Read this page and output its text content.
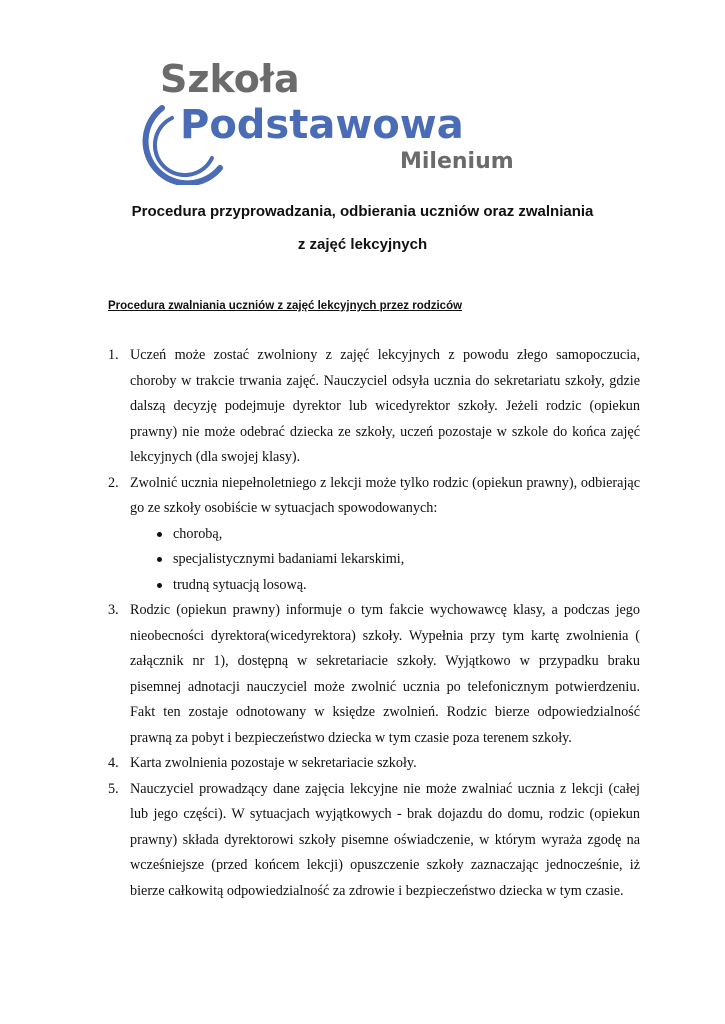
Szkoła
Podstawowa
Milenium
Procedura przyprowadzania, odbierania uczniów oraz zwalniania
z zajęć lekcyjnych
Procedura zwalniania uczniów z zajęć lekcyjnych przez rodziców
1. Uczeń może zostać zwolniony z zajęć lekcyjnych z powodu złego samopoczucia, choroby w trakcie trwania zajęć. Nauczyciel odsyła ucznia do sekretariatu szkoły, gdzie dalszą decyzję podejmuje dyrektor lub wicedyrektor szkoły. Jeżeli rodzic (opiekun prawny) nie może odebrać dziecka ze szkoły, uczeń pozostaje w szkole do końca zajęć lekcyjnych (dla swojej klasy).
2. Zwolnić ucznia niepełnoletniego z lekcji może tylko rodzic (opiekun prawny), odbierając go ze szkoły osobiście w sytuacjach spowodowanych:
chorobą,
specjalistycznymi badaniami lekarskimi,
trudną sytuacją losową.
3. Rodzic (opiekun prawny) informuje o tym fakcie wychowawcę klasy, a podczas jego nieobecności dyrektora(wicedyrektora) szkoły. Wypełnia przy tym kartę zwolnienia ( załącznik nr 1), dostępną w sekretariacie szkoły. Wyjątkowo w przypadku braku pisemnej adnotacji nauczyciel może zwolnić ucznia po telefonicznym potwierdzeniu. Fakt ten zostaje odnotowany w księdze zwolnień. Rodzic bierze odpowiedzialność prawną za pobyt i bezpieczeństwo dziecka w tym czasie poza terenem szkoły.
4. Karta zwolnienia pozostaje w sekretariacie szkoły.
5. Nauczyciel prowadzący dane zajęcia lekcyjne nie może zwalniać ucznia z lekcji (całej lub jego części). W sytuacjach wyjątkowych - brak dojazdu do domu, rodzic (opiekun prawny) składa dyrektorowi szkoły pisemne oświadczenie, w którym wyraża zgodę na wcześniejsze (przed końcem lekcji) opuszczenie szkoły zaznaczając jednocześnie, iż bierze całkowitą odpowiedzialność za zdrowie i bezpieczeństwo dziecka w tym czasie.
